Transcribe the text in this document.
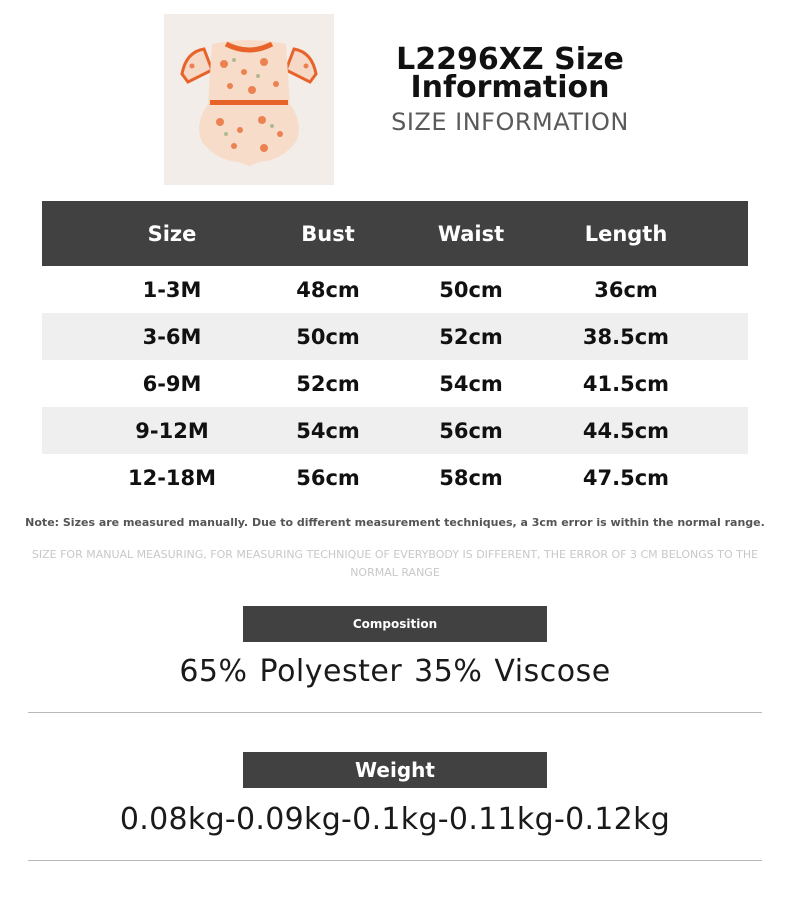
L2296XZ Size
Information
SIZE INFORMATION
Size	Bust	Waist	Length
1-3M	48cm	50cm	36cm
3-6M	50cm	52cm	38.5cm
6-9M	52cm	54cm	41.5cm
9-12M	54cm	56cm	44.5cm
12-18M	56cm	58cm	47.5cm
Note: Sizes are measured manually. Due to different measurement techniques, a 3cm error is within the normal range.
SIZE FOR MANUAL MEASURING, FOR MEASURING TECHNIQUE OF EVERYBODY IS DIFFERENT, THE ERROR OF 3 CM BELONGS TO THE NORMAL RANGE
Composition
65% Polyester 35% Viscose
Weight
0.08kg-0.09kg-0.1kg-0.11kg-0.12kg
